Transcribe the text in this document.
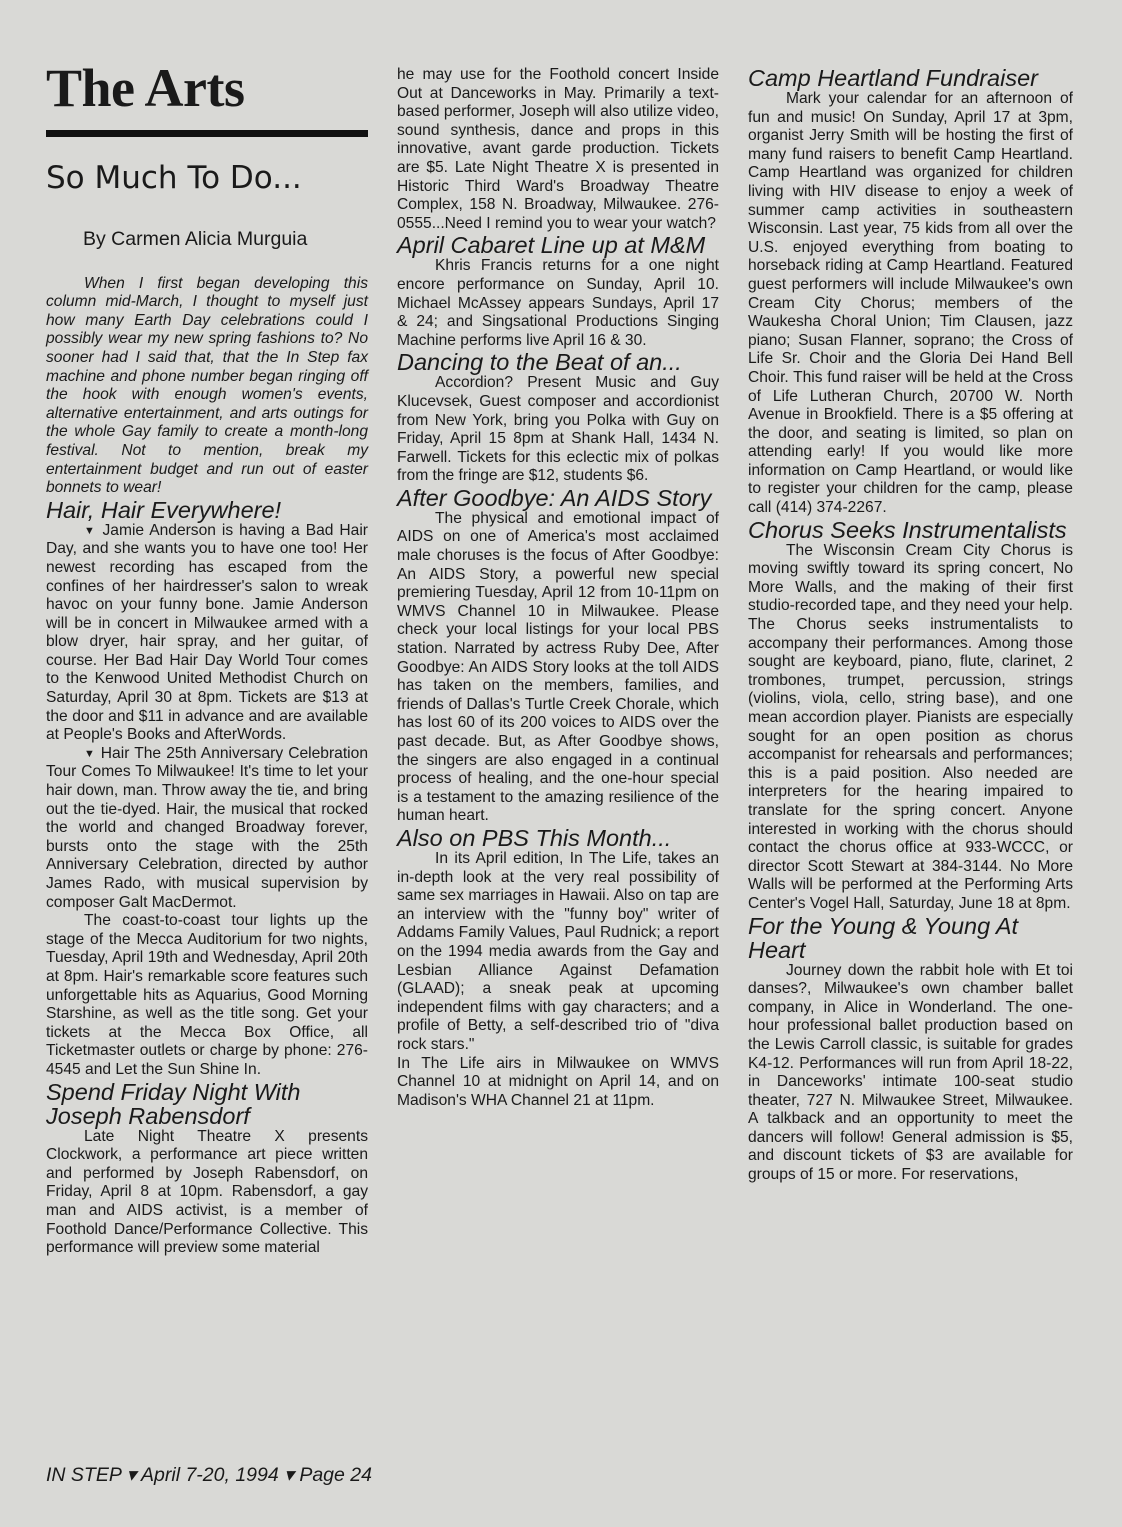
The Arts
So Much To Do...
By Carmen Alicia Murguia

When I first began developing this column mid-March, I thought to myself just how many Earth Day celebrations could I possibly wear my new spring fashions to? No sooner had I said that, that the In Step fax machine and phone number began ringing off the hook with enough women's events, alternative entertainment, and arts outings for the whole Gay family to create a month-long festival. Not to mention, break my entertainment budget and run out of easter bonnets to wear!

Hair, Hair Everywhere!

▼ Jamie Anderson is having a Bad Hair Day, and she wants you to have one too! Her newest recording has escaped from the confines of her hairdresser's salon to wreak havoc on your funny bone. Jamie Anderson will be in concert in Milwaukee armed with a blow dryer, hair spray, and her guitar, of course. Her Bad Hair Day World Tour comes to the Kenwood United Methodist Church on Saturday, April 30 at 8pm. Tickets are $13 at the door and $11 in advance and are available at People's Books and AfterWords.

▼ Hair The 25th Anniversary Celebration Tour Comes To Milwaukee! It's time to let your hair down, man. Throw away the tie, and bring out the tie-dyed. Hair, the musical that rocked the world and changed Broadway forever, bursts onto the stage with the 25th Anniversary Celebration, directed by author James Rado, with musical supervision by composer Galt MacDermot.

The coast-to-coast tour lights up the stage of the Mecca Auditorium for two nights, Tuesday, April 19th and Wednesday, April 20th at 8pm. Hair's remarkable score features such unforgettable hits as Aquarius, Good Morning Starshine, as well as the title song. Get your tickets at the Mecca Box Office, all Ticketmaster outlets or charge by phone: 276-4545 and Let the Sun Shine In.

Spend Friday Night With Joseph Rabensdorf

Late Night Theatre X presents Clockwork, a performance art piece written and performed by Joseph Rabensdorf, on Friday, April 8 at 10pm. Rabensdorf, a gay man and AIDS activist, is a member of Foothold Dance/Performance Collective. This performance will preview some material

he may use for the Foothold concert Inside Out at Danceworks in May. Primarily a text-based performer, Joseph will also utilize video, sound synthesis, dance and props in this innovative, avant garde production. Tickets are $5. Late Night Theatre X is presented in Historic Third Ward's Broadway Theatre Complex, 158 N. Broadway, Milwaukee. 276-0555...Need I remind you to wear your watch?

April Cabaret Line up at M&M

Khris Francis returns for a one night encore performance on Sunday, April 10. Michael McAssey appears Sundays, April 17 & 24; and Singsational Productions Singing Machine performs live April 16 & 30.

Dancing to the Beat of an...

Accordion? Present Music and Guy Klucevsek, Guest composer and accordionist from New York, bring you Polka with Guy on Friday, April 15 8pm at Shank Hall, 1434 N. Farwell. Tickets for this eclectic mix of polkas from the fringe are $12, students $6.

After Goodbye: An AIDS Story

The physical and emotional impact of AIDS on one of America's most acclaimed male choruses is the focus of After Goodbye: An AIDS Story, a powerful new special premiering Tuesday, April 12 from 10-11pm on WMVS Channel 10 in Milwaukee. Please check your local listings for your local PBS station. Narrated by actress Ruby Dee, After Goodbye: An AIDS Story looks at the toll AIDS has taken on the members, families, and friends of Dallas's Turtle Creek Chorale, which has lost 60 of its 200 voices to AIDS over the past decade. But, as After Goodbye shows, the singers are also engaged in a continual process of healing, and the one-hour special is a testament to the amazing resilience of the human heart.

Also on PBS This Month...

In its April edition, In The Life, takes an in-depth look at the very real possibility of same sex marriages in Hawaii. Also on tap are an interview with the "funny boy" writer of Addams Family Values, Paul Rudnick; a report on the 1994 media awards from the Gay and Lesbian Alliance Against Defamation (GLAAD); a sneak peak at upcoming independent films with gay characters; and a profile of Betty, a self-described trio of "diva rock stars."

In The Life airs in Milwaukee on WMVS Channel 10 at midnight on April 14, and on Madison's WHA Channel 21 at 11pm.

Camp Heartland Fundraiser

Mark your calendar for an afternoon of fun and music! On Sunday, April 17 at 3pm, organist Jerry Smith will be hosting the first of many fund raisers to benefit Camp Heartland. Camp Heartland was organized for children living with HIV disease to enjoy a week of summer camp activities in southeastern Wisconsin. Last year, 75 kids from all over the U.S. enjoyed everything from boating to horseback riding at Camp Heartland. Featured guest performers will include Milwaukee's own Cream City Chorus; members of the Waukesha Choral Union; Tim Clausen, jazz piano; Susan Flanner, soprano; the Cross of Life Sr. Choir and the Gloria Dei Hand Bell Choir. This fund raiser will be held at the Cross of Life Lutheran Church, 20700 W. North Avenue in Brookfield. There is a $5 offering at the door, and seating is limited, so plan on attending early! If you would like more information on Camp Heartland, or would like to register your children for the camp, please call (414) 374-2267.

Chorus Seeks Instrumentalists

The Wisconsin Cream City Chorus is moving swiftly toward its spring concert, No More Walls, and the making of their first studio-recorded tape, and they need your help. The Chorus seeks instrumentalists to accompany their performances. Among those sought are keyboard, piano, flute, clarinet, 2 trombones, trumpet, percussion, strings (violins, viola, cello, string base), and one mean accordion player. Pianists are especially sought for an open position as chorus accompanist for rehearsals and performances; this is a paid position. Also needed are interpreters for the hearing impaired to translate for the spring concert. Anyone interested in working with the chorus should contact the chorus office at 933-WCCC, or director Scott Stewart at 384-3144. No More Walls will be performed at the Performing Arts Center's Vogel Hall, Saturday, June 18 at 8pm.

For the Young & Young At Heart

Journey down the rabbit hole with Et toi danses?, Milwaukee's own chamber ballet company, in Alice in Wonderland. The one-hour professional ballet production based on the Lewis Carroll classic, is suitable for grades K4-12. Performances will run from April 18-22, in Danceworks' intimate 100-seat studio theater, 727 N. Milwaukee Street, Milwaukee. A talkback and an opportunity to meet the dancers will follow! General admission is $5, and discount tickets of $3 are available for groups of 15 or more. For reservations,

IN STEP ▾ April 7-20, 1994 ▾ Page 24
